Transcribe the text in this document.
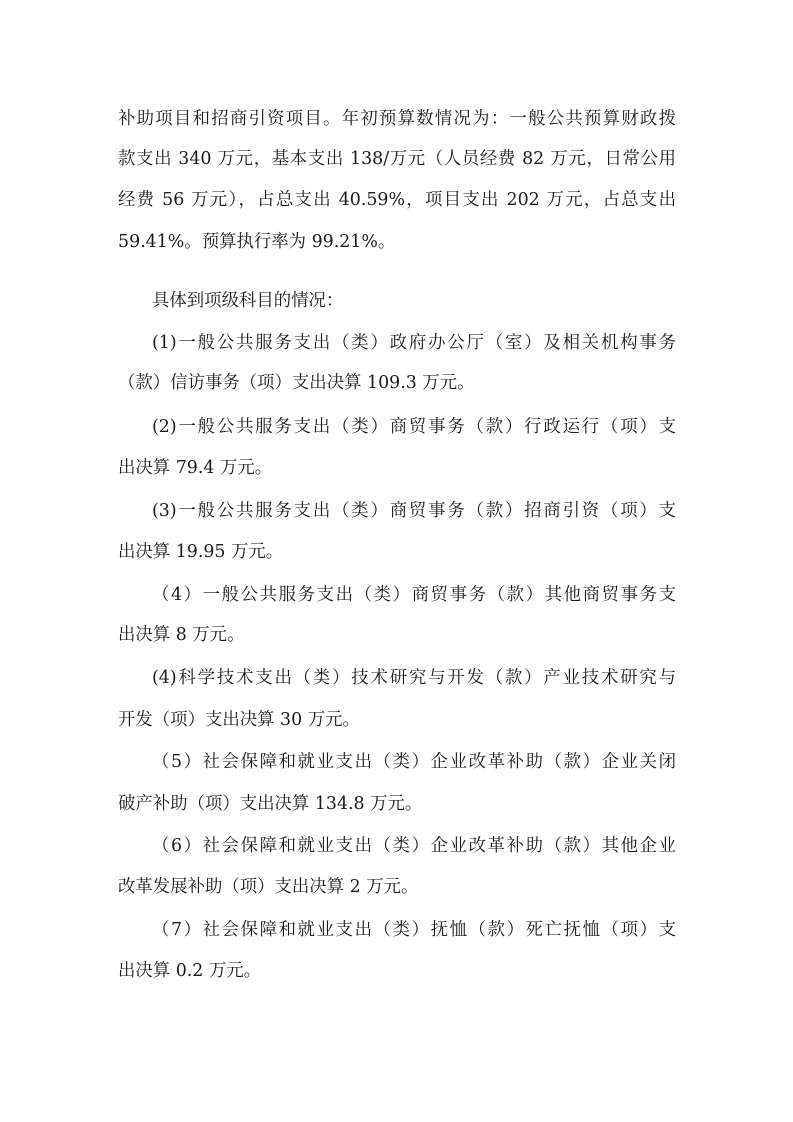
补助项目和招商引资项目。年初预算数情况为：一般公共预算财政拨
款支出 340 万元，基本支出 138/万元（人员经费 82 万元，日常公用
经费 56 万元），占总支出 40.59%，项目支出 202 万元，占总支出
59.41%。预算执行率为 99.21%。
具体到项级科目的情况：
(1)一般公共服务支出（类）政府办公厅（室）及相关机构事务
（款）信访事务（项）支出决算 109.3 万元。
(2)一般公共服务支出（类）商贸事务（款）行政运行（项）支
出决算 79.4 万元。
(3)一般公共服务支出（类）商贸事务（款）招商引资（项）支
出决算 19.95 万元。
（4）一般公共服务支出（类）商贸事务（款）其他商贸事务支
出决算 8 万元。
(4)科学技术支出（类）技术研究与开发（款）产业技术研究与
开发（项）支出决算 30 万元。
（5）社会保障和就业支出（类）企业改革补助（款）企业关闭
破产补助（项）支出决算 134.8 万元。
（6）社会保障和就业支出（类）企业改革补助（款）其他企业
改革发展补助（项）支出决算 2 万元。
（7）社会保障和就业支出（类）抚恤（款）死亡抚恤（项）支
出决算 0.2 万元。
